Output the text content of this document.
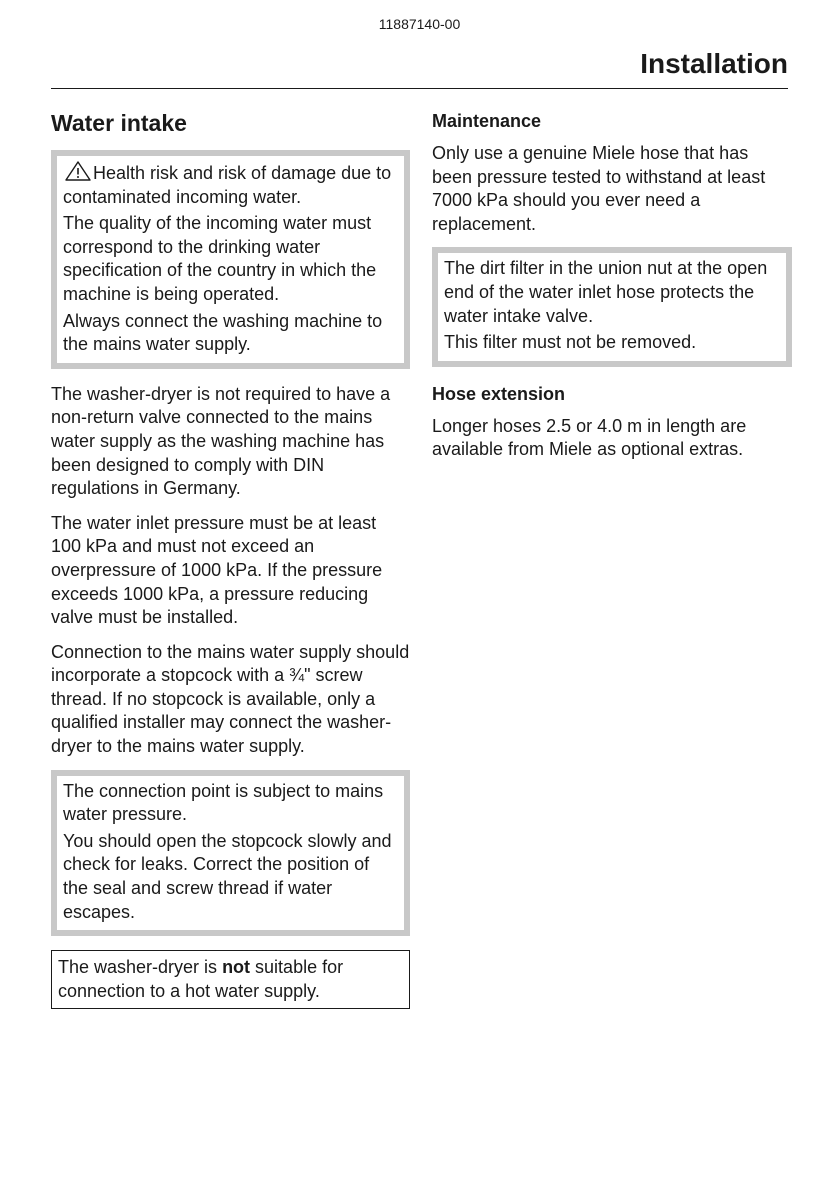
11887140-00
Installation
Water intake

Health risk and risk of damage due to contaminated incoming water.

The quality of the incoming water must correspond to the drinking water specification of the country in which the machine is being operated.

Always connect the washing machine to the mains water supply.

The washer-dryer is not required to have a non-return valve connected to the mains water supply as the washing machine has been designed to comply with DIN regulations in Germany.

The water inlet pressure must be at least 100 kPa and must not exceed an overpressure of 1000 kPa. If the pressure exceeds 1000 kPa, a pressure reducing valve must be installed.

Connection to the mains water supply should incorporate a stopcock with a ¾" screw thread. If no stopcock is available, only a qualified installer may connect the washer-dryer to the mains water supply.

The connection point is subject to mains water pressure.

You should open the stopcock slowly and check for leaks. Correct the position of the seal and screw thread if water escapes.

The washer-dryer is not suitable for connection to a hot water supply.

Maintenance

Only use a genuine Miele hose that has been pressure tested to withstand at least 7000 kPa should you ever need a replacement.

The dirt filter in the union nut at the open end of the water inlet hose protects the water intake valve.

This filter must not be removed.

Hose extension

Longer hoses 2.5 or 4.0 m in length are available from Miele as optional extras.
